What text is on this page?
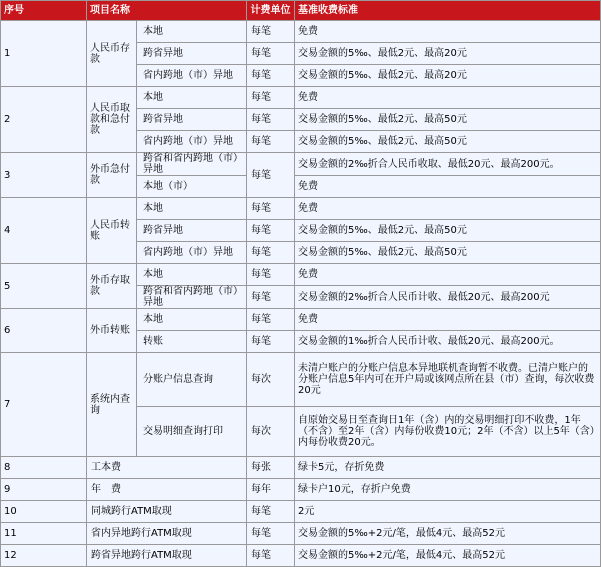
序号	项目名称		计费单位	基准收费标准
1	人民币存款	本地	每笔	免费
		跨省异地	每笔	交易金额的5‰、最低2元、最高20元
		省内跨地（市）异地	每笔	交易金额的5‰、最低2元、最高20元
2	人民币取款和急付款	本地	每笔	免费
		跨省异地	每笔	交易金额的5‰、最低2元、最高50元
		省内跨地（市）异地	每笔	交易金额的5‰、最低2元、最高50元
3	外币急付款	跨省和省内跨地（市）异地	每笔	交易金额的2‰折合人民币收取、最低20元、最高200元。
		本地（市）		免费
4	人民币转账	本地	每笔	免费
		跨省异地	每笔	交易金额的5‰、最低2元、最高50元
		省内跨地（市）异地	每笔	交易金额的5‰、最低2元、最高50元
5	外币存取款	本地	每笔	免费
		跨省和省内跨地（市）异地	每笔	交易金额的2‰折合人民币计收、最低20元、最高200元
6	外币转账	本地	每笔	免费
		转账	每笔	交易金额的1‰折合人民币计收、最低20元、最高200元。
7	系统内查询	分账户信息查询	每次	未清户账户的分账户信息本异地联机查询暂不收费。已清户账户的分账户信息5年内可在开户局或该网点所在县（市）查询，每次收费20元
		交易明细查询打印	每次	自原始交易日至查询日1年（含）内的交易明细打印不收费，1年（不含）至2年（含）内每份收费10元；2年（不含）以上5年（含）内每份收费20元。
8	工本费		每张	绿卡5元，存折免费
9	年　费		每年	绿卡户10元，存折户免费
10	同城跨行ATM取现		每笔	2元
11	省内异地跨行ATM取现		每笔	交易金额的5‰+2元/笔，最低4元、最高52元
12	跨省异地跨行ATM取现		每笔	交易金额的5‰+2元/笔，最低4元、最高52元
